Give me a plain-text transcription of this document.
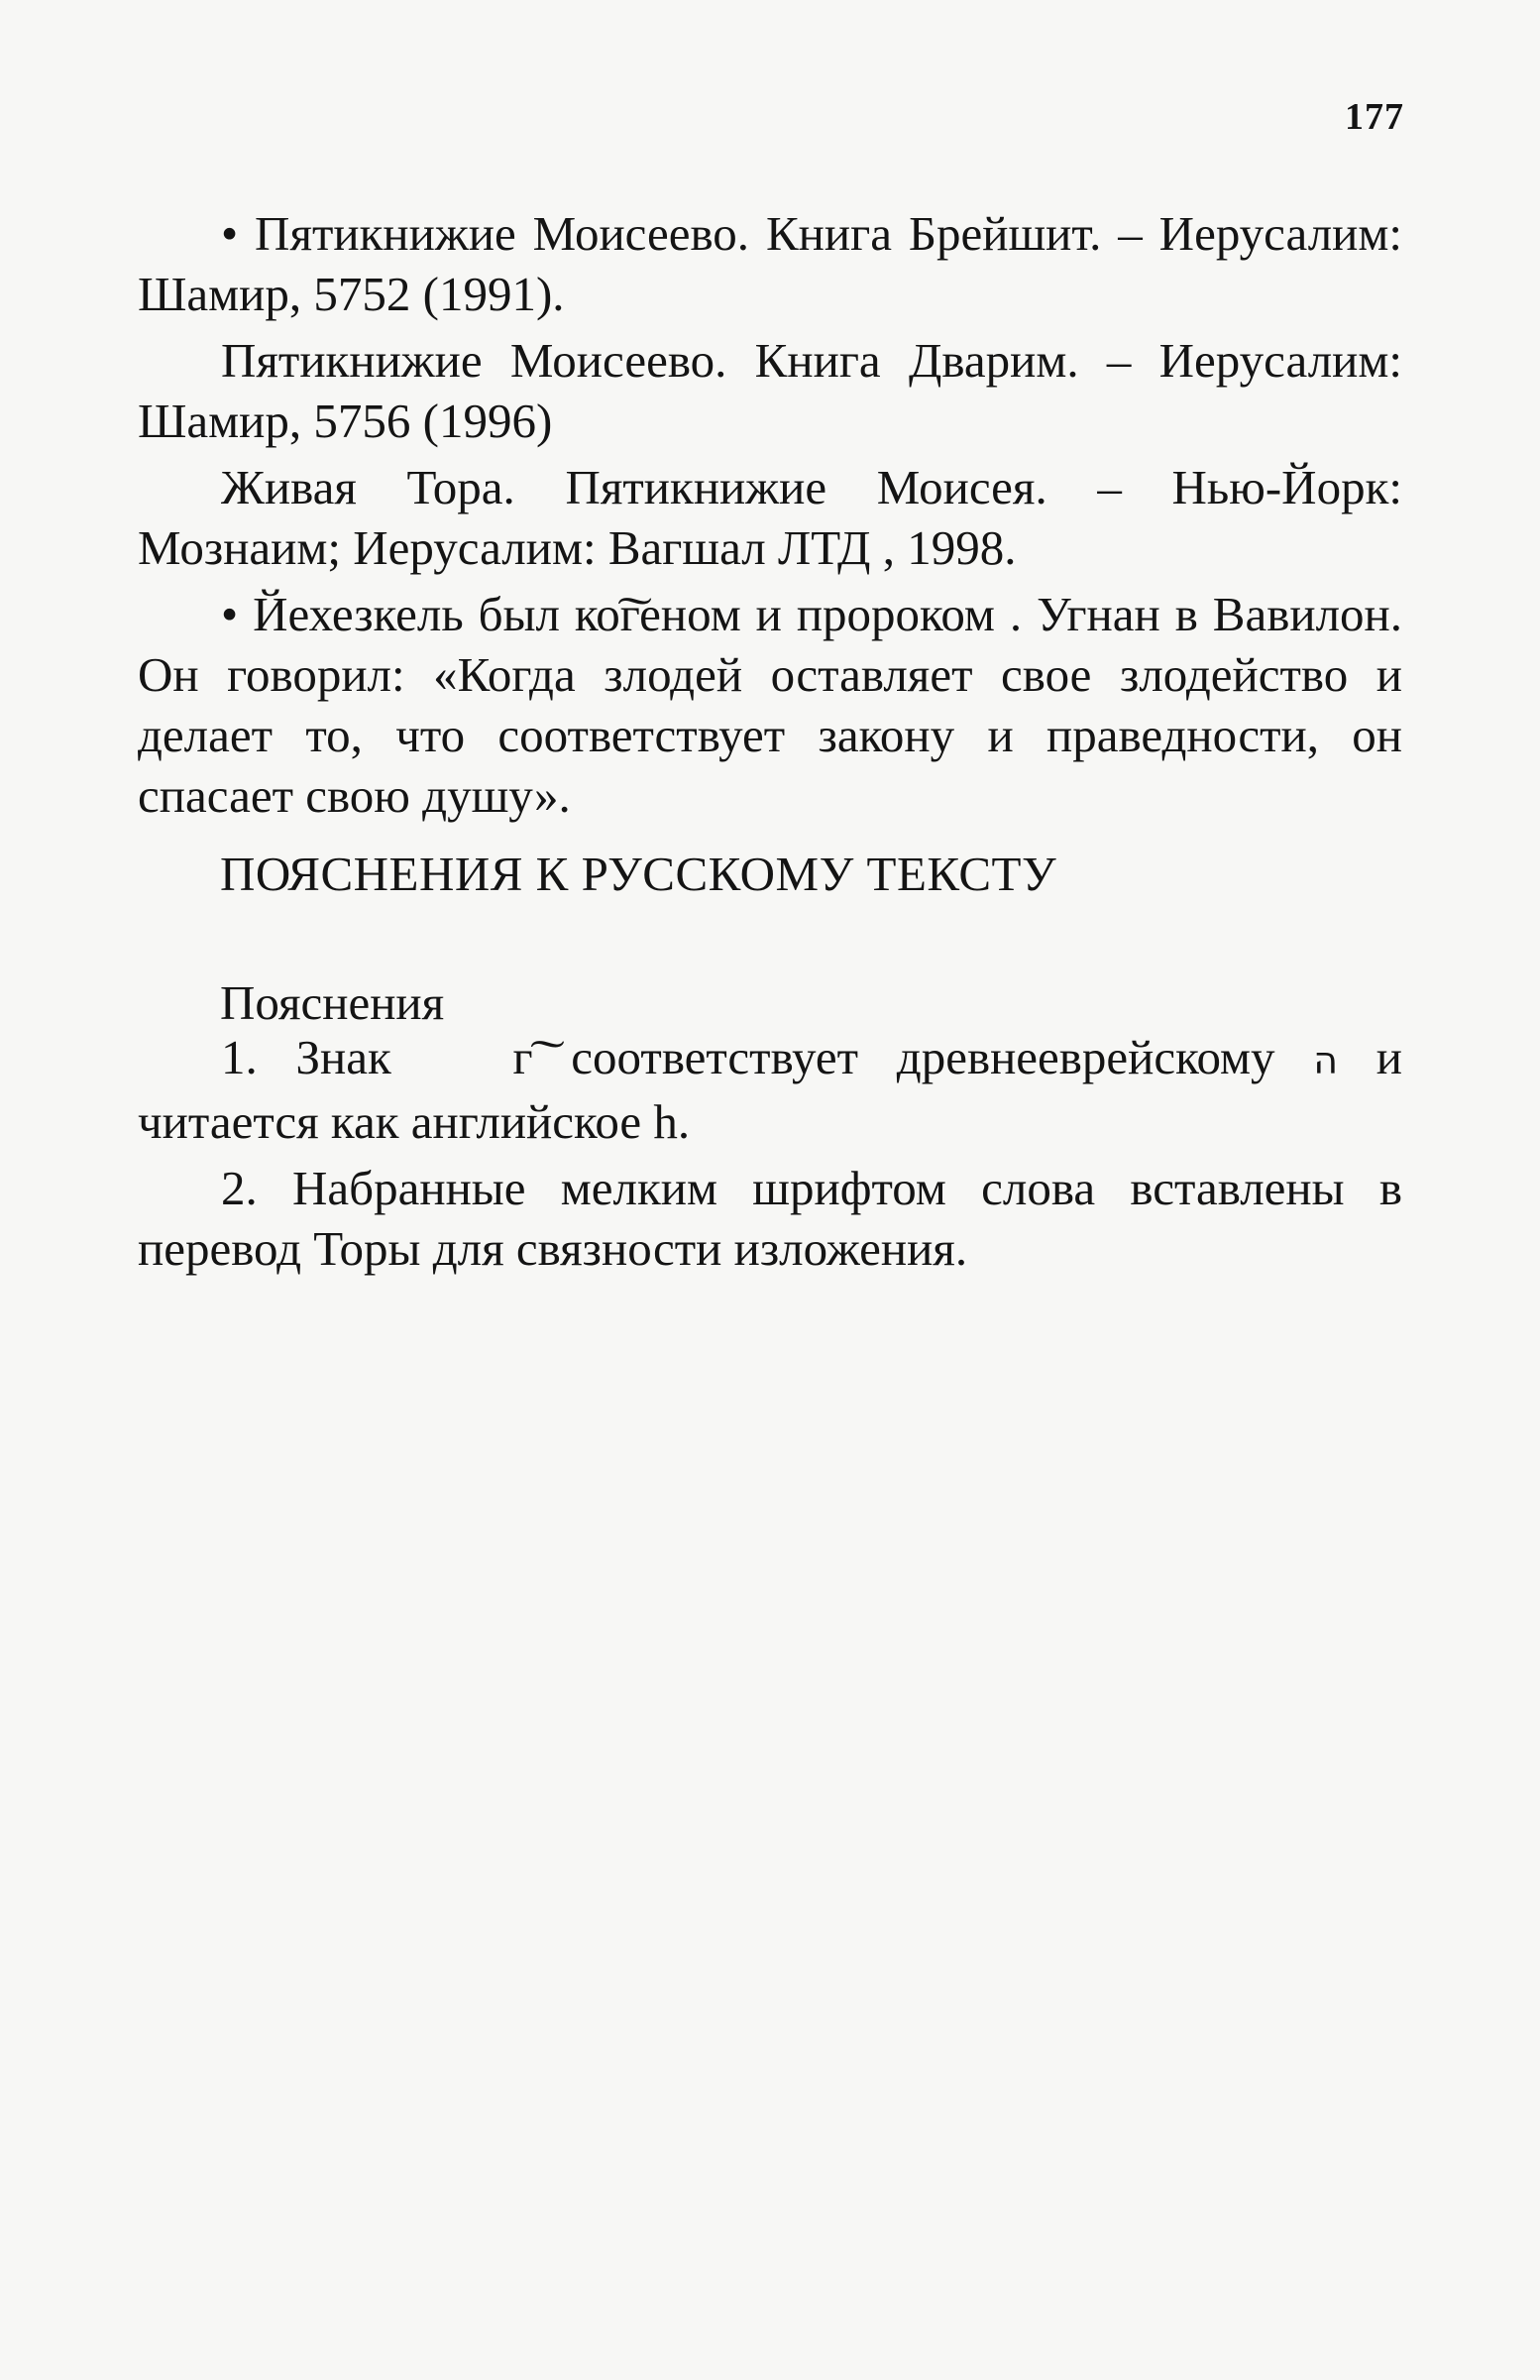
177

• Пятикнижие Моисеево. Книга Брейшит. – Иерусалим: Шамир, 5752 (1991).

Пятикнижие Моисеево. Книга Дварим. – Иерусалим: Шамир, 5756 (1996)

Живая Тора. Пятикнижие Моисея. – Нью-Йорк: Мознаим; Иерусалим: Вагшал ЛТД , 1998.

• Йехезкель был ко͠геном и пророком . Угнан в Вавилон. Он говорил: «Когда злодей оставляет свое злодейство и делает то, что соответствует закону и праведности, он спасает свою душу».

ПОЯСНЕНИЯ К РУССКОМУ ТЕКСТУ
Пояснения

1. Знак	г͠ соответствует древнееврейскому ה и читается как английское h.

2. Набранные мелким шрифтом слова вставлены в перевод Торы для связности изложения.
